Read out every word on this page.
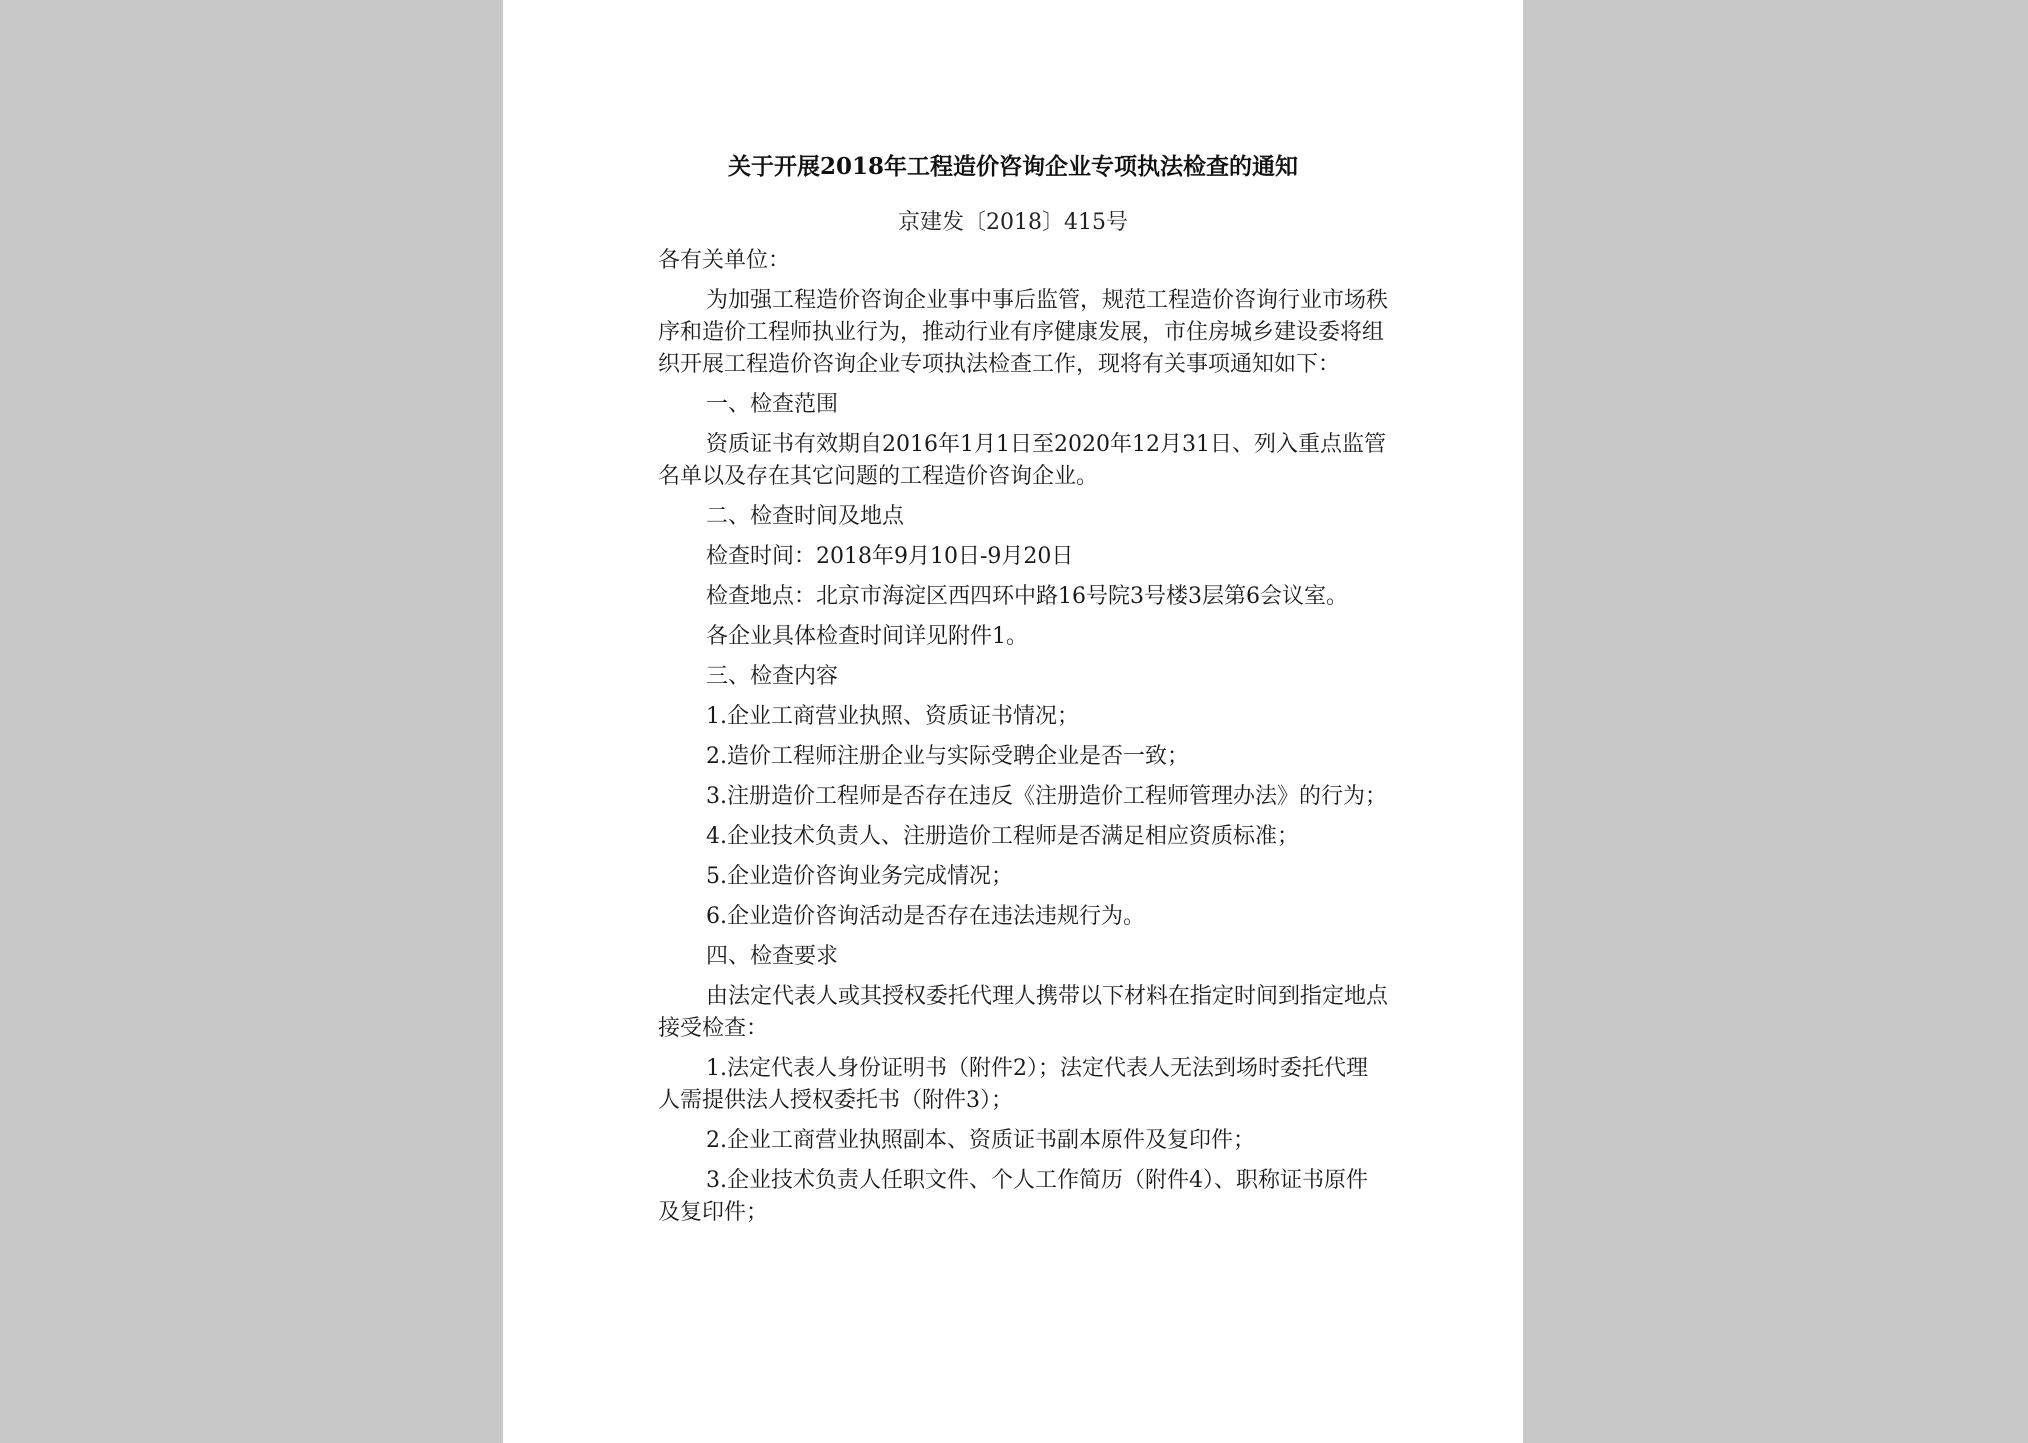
关于开展2018年工程造价咨询企业专项执法检查的通知
京建发〔2018〕415号

各有关单位：

为加强工程造价咨询企业事中事后监管，规范工程造价咨询行业市场秩序和造价工程师执业行为，推动行业有序健康发展，市住房城乡建设委将组织开展工程造价咨询企业专项执法检查工作，现将有关事项通知如下：

一、检查范围

资质证书有效期自2016年1月1日至2020年12月31日、列入重点监管名单以及存在其它问题的工程造价咨询企业。

二、检查时间及地点

检查时间：2018年9月10日-9月20日

检查地点：北京市海淀区西四环中路16号院3号楼3层第6会议室。

各企业具体检查时间详见附件1。

三、检查内容

1.企业工商营业执照、资质证书情况；

2.造价工程师注册企业与实际受聘企业是否一致；

3.注册造价工程师是否存在违反《注册造价工程师管理办法》的行为；

4.企业技术负责人、注册造价工程师是否满足相应资质标准；

5.企业造价咨询业务完成情况；

6.企业造价咨询活动是否存在违法违规行为。

四、检查要求

由法定代表人或其授权委托代理人携带以下材料在指定时间到指定地点接受检查：

1.法定代表人身份证明书（附件2）；法定代表人无法到场时委托代理人需提供法人授权委托书（附件3）；

2.企业工商营业执照副本、资质证书副本原件及复印件；

3.企业技术负责人任职文件、个人工作简历（附件4）、职称证书原件及复印件；
